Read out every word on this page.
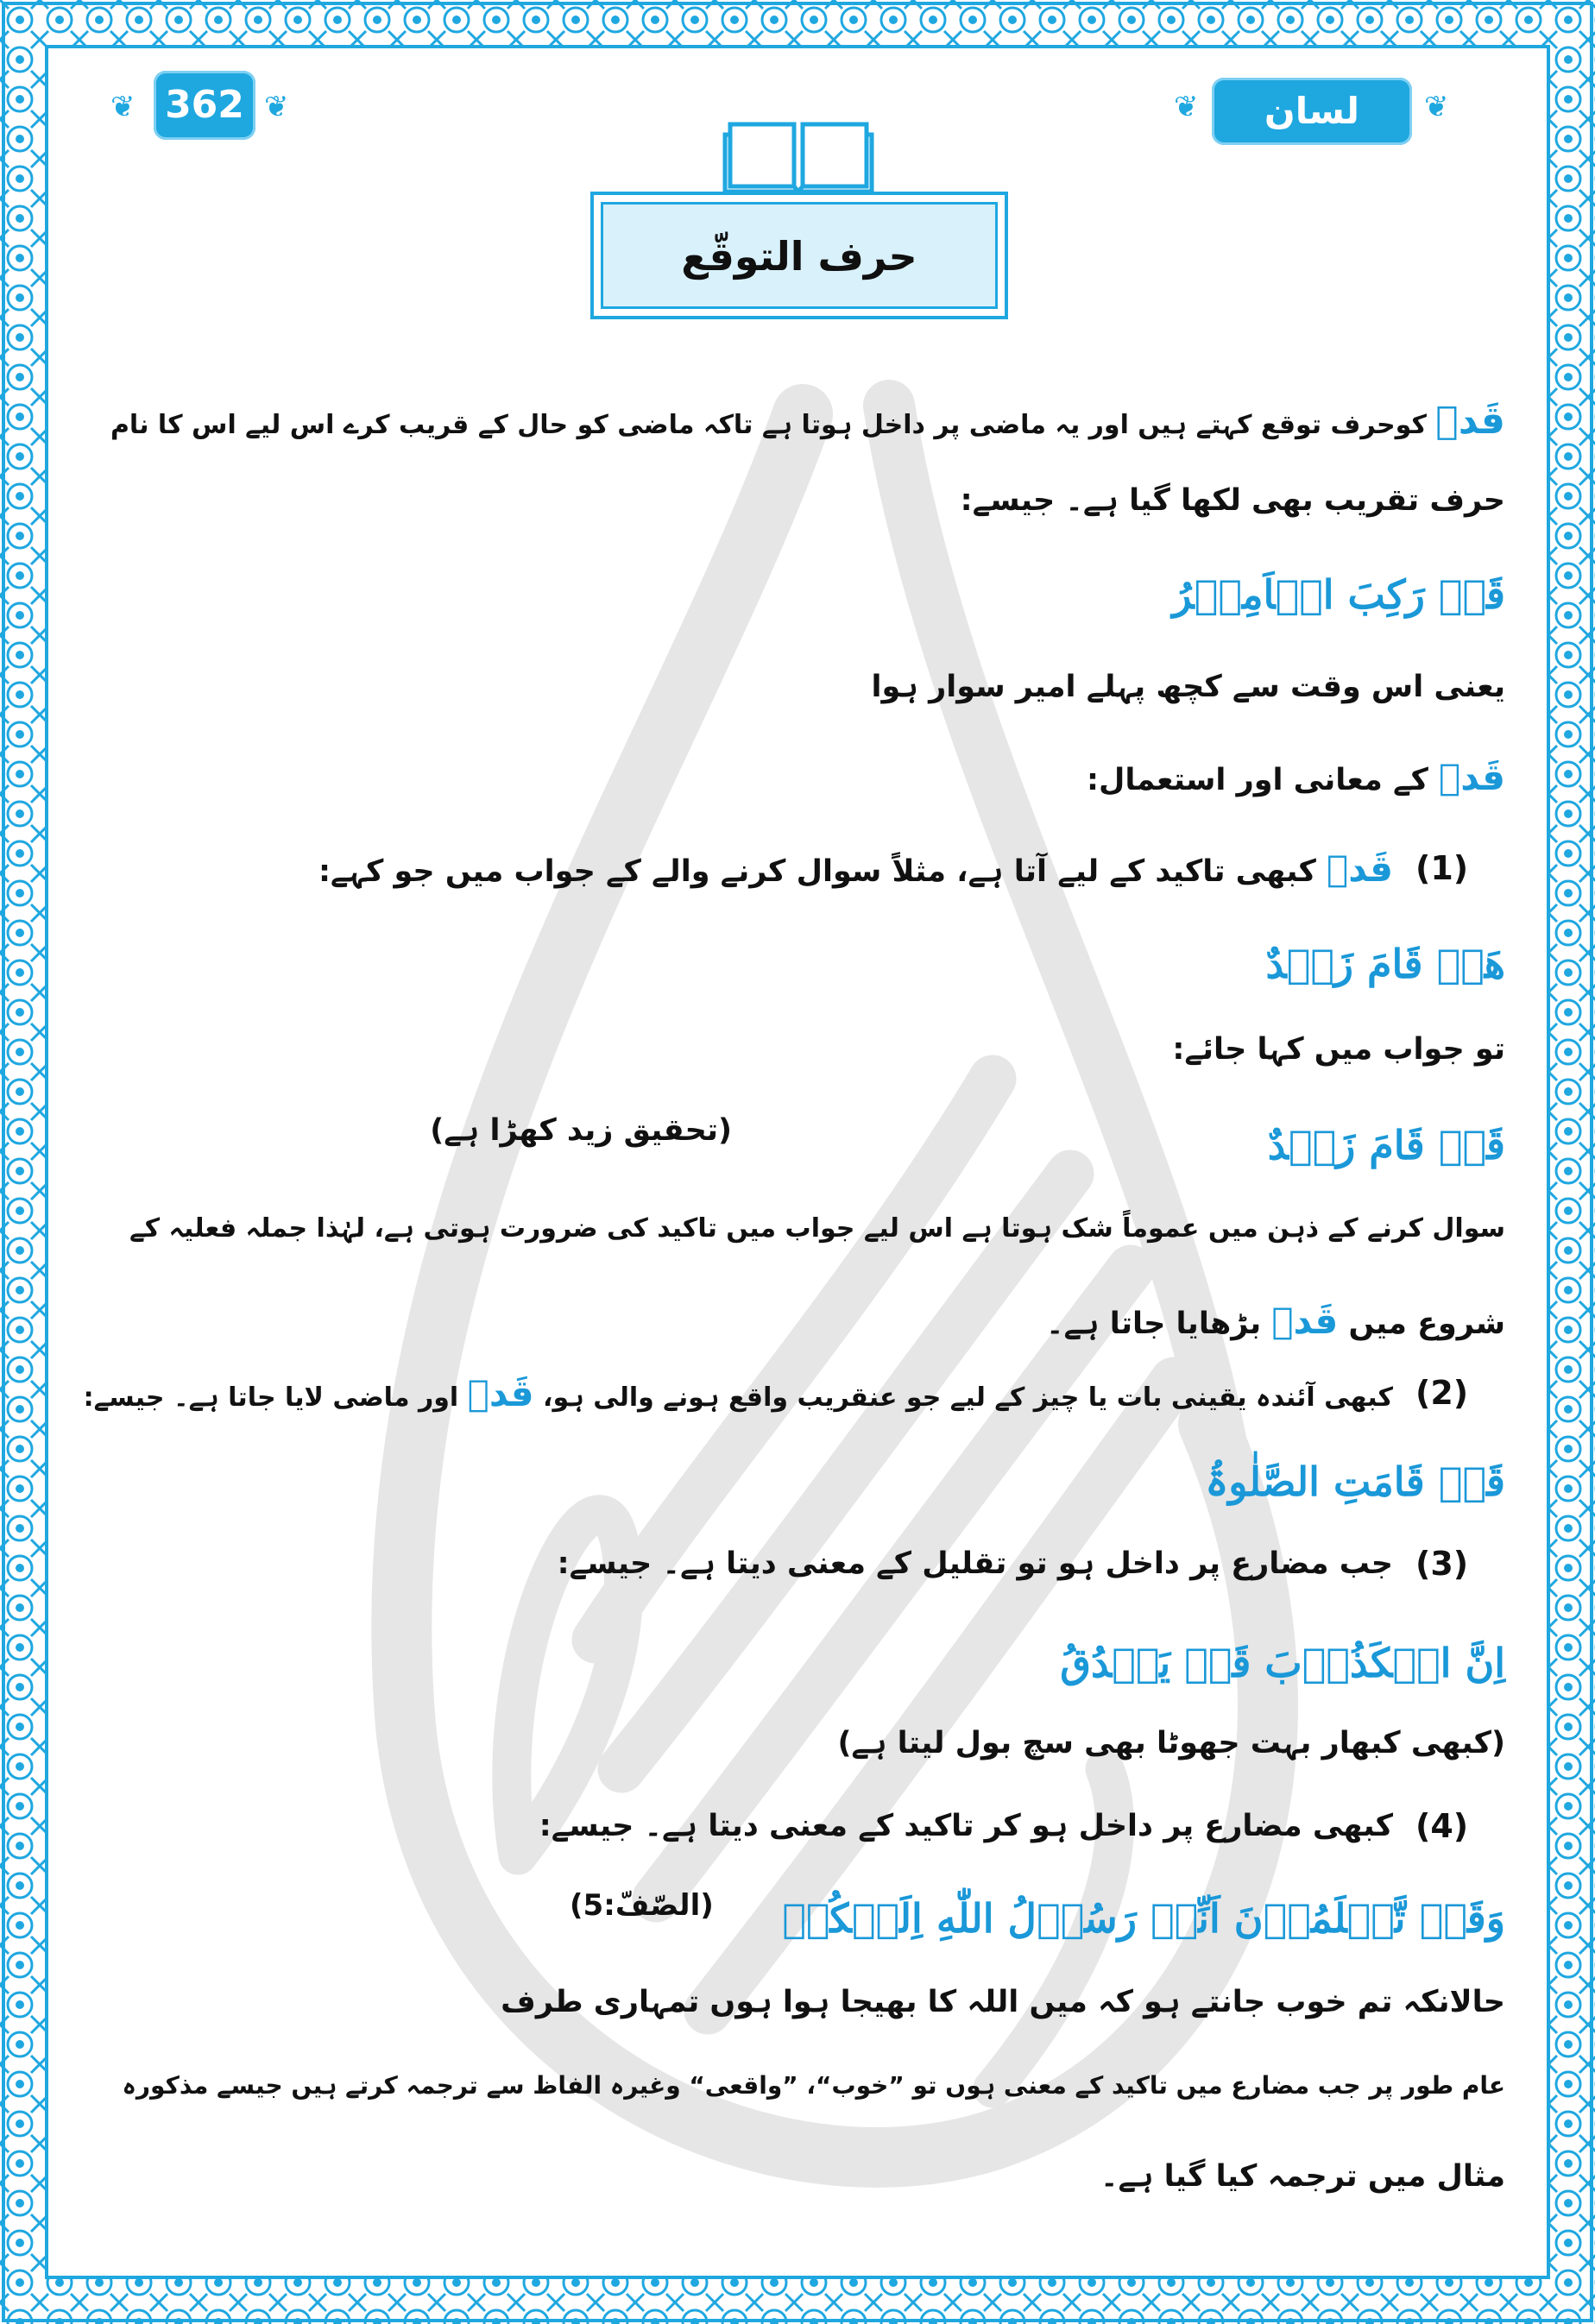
❦	❦
362	❦	❦
لسان القرآن
حرف التوقّع
قَدۡ کوحرف توقع کہتے ہیں اور یہ ماضی پر داخل ہوتا ہے تاکہ ماضی کو حال کے قریب کرے اس لیے اس کا نام
حرف تقریب بھی لکھا گیا ہے۔ جیسے:
قَدۡ رَکِبَ الۡاَمِیۡرُ
یعنی اس وقت سے کچھ پہلے امیر سوار ہوا
قَدۡ کے معانی اور استعمال:
(1)
قَدۡ کبھی تاکید کے لیے آتا ہے، مثلاً سوال کرنے والے کے جواب میں جو کہے:
هَلۡ قَامَ زَیۡدٌ
تو جواب میں کہا جائے:
قَدۡ قَامَ زَیۡدٌ
(تحقیق زید کھڑا ہے)
سوال کرنے کے ذہن میں عموماً شک ہوتا ہے اس لیے جواب میں تاکید کی ضرورت ہوتی ہے، لہٰذا جملہ فعلیہ کے
شروع میں قَدۡ بڑھایا جاتا ہے۔
(2)
کبھی آئندہ یقینی بات یا چیز کے لیے جو عنقریب واقع ہونے والی ہو، قَدۡ اور ماضی لایا جاتا ہے۔ جیسے:
قَدۡ قَامَتِ الصَّلٰوۃُ
(3)
جب مضارع پر داخل ہو تو تقلیل کے معنی دیتا ہے۔ جیسے:
اِنَّ الۡکَذُوۡبَ قَدۡ یَصۡدُقُ
(کبھی کبھار بہت جھوٹا بھی سچ بول لیتا ہے)
(4)
کبھی مضارع پر داخل ہو کر تاکید کے معنی دیتا ہے۔ جیسے:
وَقَدۡ تَّعۡلَمُوۡنَ اَنِّیۡ رَسُوۡلُ اللّٰهِ اِلَیۡکُمۡ
(الصّفّ:5)
حالانکہ تم خوب جانتے ہو کہ میں اللہ کا بھیجا ہوا ہوں تمہاری طرف
عام طور پر جب مضارع میں تاکید کے معنی ہوں تو ”خوب“، ”واقعی“ وغیرہ الفاظ سے ترجمہ کرتے ہیں جیسے مذکورہ
مثال میں ترجمہ کیا گیا ہے۔
